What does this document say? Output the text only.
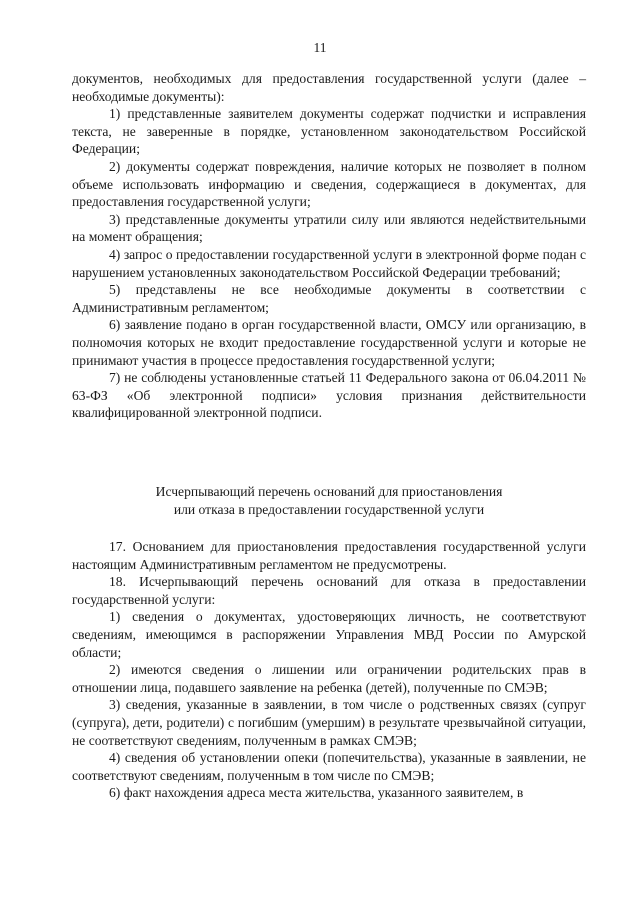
11

документов, необходимых для предоставления государственной услуги (далее – необходимые документы):

1) представленные заявителем документы содержат подчистки и исправления текста, не заверенные в порядке, установленном законодательством Российской Федерации;

2) документы содержат повреждения, наличие которых не позволяет в полном объеме использовать информацию и сведения, содержащиеся в документах, для предоставления государственной услуги;

3) представленные документы утратили силу или являются недействительными на момент обращения;

4) запрос о предоставлении государственной услуги в электронной форме подан с нарушением установленных законодательством Российской Федерации требований;

5) представлены не все необходимые документы в соответствии с Административным регламентом;

6) заявление подано в орган государственной власти, ОМСУ или организацию, в полномочия которых не входит предоставление государственной услуги и которые не принимают участия в процессе предоставления государственной услуги;

7) не соблюдены установленные статьей 11 Федерального закона от 06.04.2011 № 63-ФЗ «Об электронной подписи» условия признания действительности квалифицированной электронной подписи.

Исчерпывающий перечень оснований для приостановления
или отказа в предоставлении государственной услуги

17. Основанием для приостановления предоставления государственной услуги настоящим Административным регламентом не предусмотрены.

18. Исчерпывающий перечень оснований для отказа в предоставлении государственной услуги:

1) сведения о документах, удостоверяющих личность, не соответствуют сведениям, имеющимся в распоряжении Управления МВД России по Амурской области;

2) имеются сведения о лишении или ограничении родительских прав в отношении лица, подавшего заявление на ребенка (детей), полученные по СМЭВ;

3) сведения, указанные в заявлении, в том числе о родственных связях (супруг (супруга), дети, родители) с погибшим (умершим) в результате чрезвычайной ситуации, не соответствуют сведениям, полученным в рамках СМЭВ;

4) сведения об установлении опеки (попечительства), указанные в заявлении, не соответствуют сведениям, полученным в том числе по СМЭВ;

6) факт нахождения адреса места жительства, указанного заявителем, в
